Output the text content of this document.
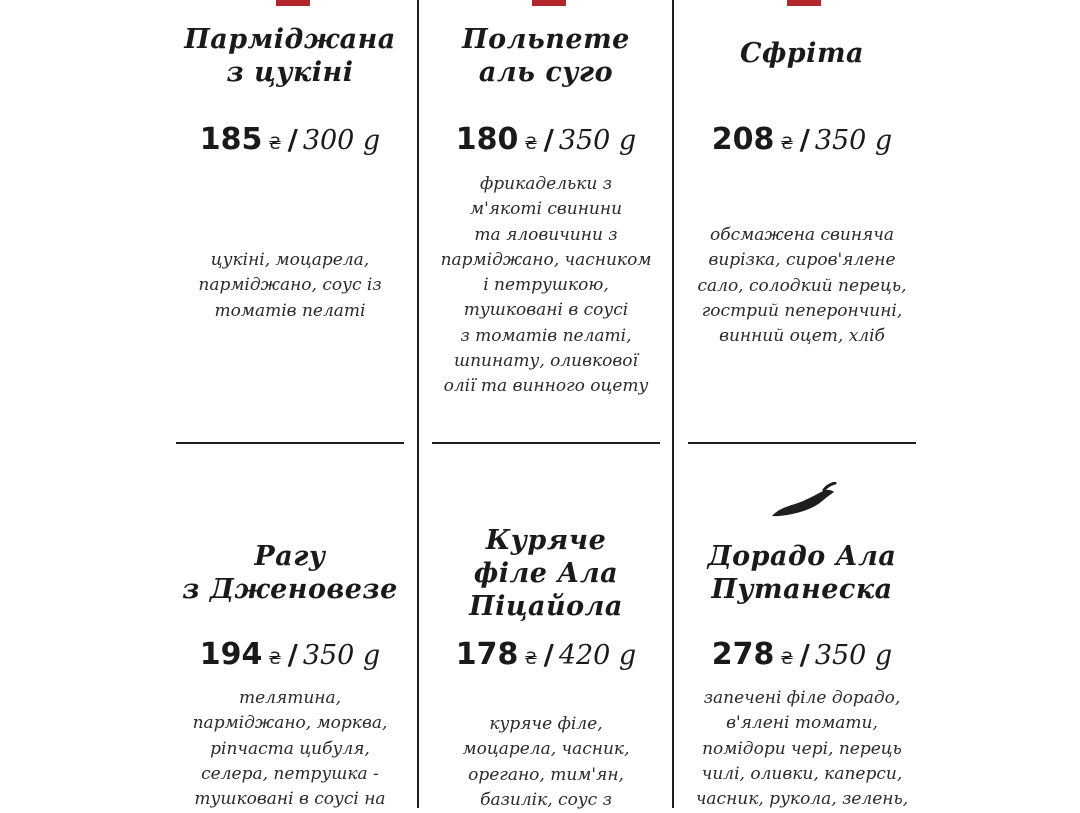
Парміджана
з цукіні
185 ₴ / 300 g
цукіні, моцарела,
парміджано, соус із
томатів пелаті
Польпете
аль суго
180 ₴ / 350 g
фрикадельки з
м'якоті свинини
та яловичини з
парміджано, часником
і петрушкою,
тушковані в соусі
з томатів пелаті,
шпинату, оливкової
олії та винного оцету
Сфріта
208 ₴ / 350 g
обсмажена свиняча
вирізка, сиров'ялене
сало, солодкий перець,
гострий пеперончині,
винний оцет, хліб
Рагу
з Дженовезе
194 ₴ / 350 g
телятина,
парміджано, морква,
ріпчаста цибуля,
селера, петрушка -
тушковані в соусі на
Куряче
філе Ала
Піцайола
178 ₴ / 420 g
куряче філе,
моцарела, часник,
орегано, тим'ян,
базилік, соус з
Дорадо Ала
Путанеска
278 ₴ / 350 g
запечені філе дорадо,
в'ялені томати,
помідори чері, перець
чилі, оливки, каперси,
часник, рукола, зелень,
